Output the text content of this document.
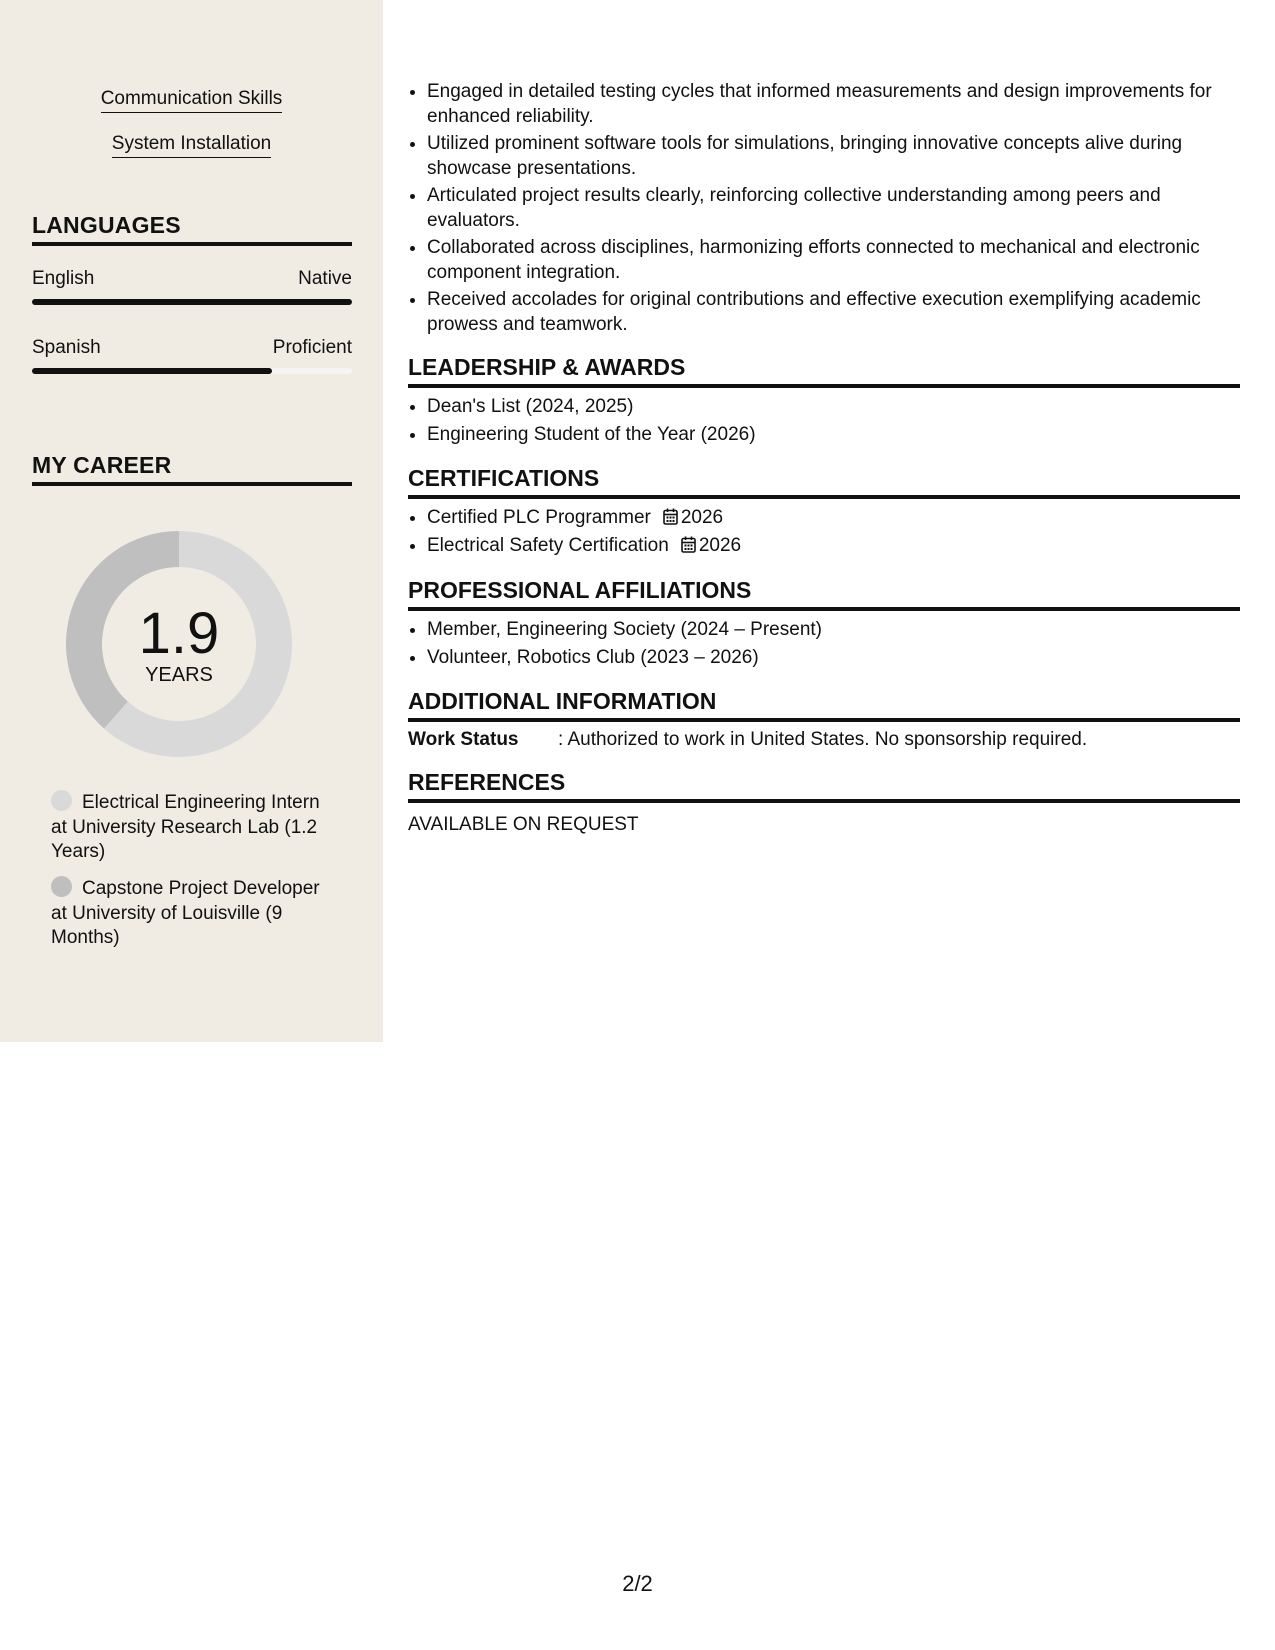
Communication Skills
System Installation
LANGUAGES
English	Native
Spanish	Proficient
MY CAREER
1.9
YEARS
Electrical Engineering Intern at University Research Lab (1.2 Years)
Capstone Project Developer at University of Louisville (9 Months)
• Engaged in detailed testing cycles that informed measurements and design improvements for enhanced reliability.
• Utilized prominent software tools for simulations, bringing innovative concepts alive during showcase presentations.
• Articulated project results clearly, reinforcing collective understanding among peers and evaluators.
• Collaborated across disciplines, harmonizing efforts connected to mechanical and electronic component integration.
• Received accolades for original contributions and effective execution exemplifying academic prowess and teamwork.
LEADERSHIP & AWARDS
• Dean's List (2024, 2025)
• Engineering Student of the Year (2026)
CERTIFICATIONS
• Certified PLC Programmer 2026
• Electrical Safety Certification 2026
PROFESSIONAL AFFILIATIONS
• Member, Engineering Society (2024 – Present)
• Volunteer, Robotics Club (2023 – 2026)
ADDITIONAL INFORMATION
Work Status : Authorized to work in United States. No sponsorship required.
REFERENCES
AVAILABLE ON REQUEST
2/2
